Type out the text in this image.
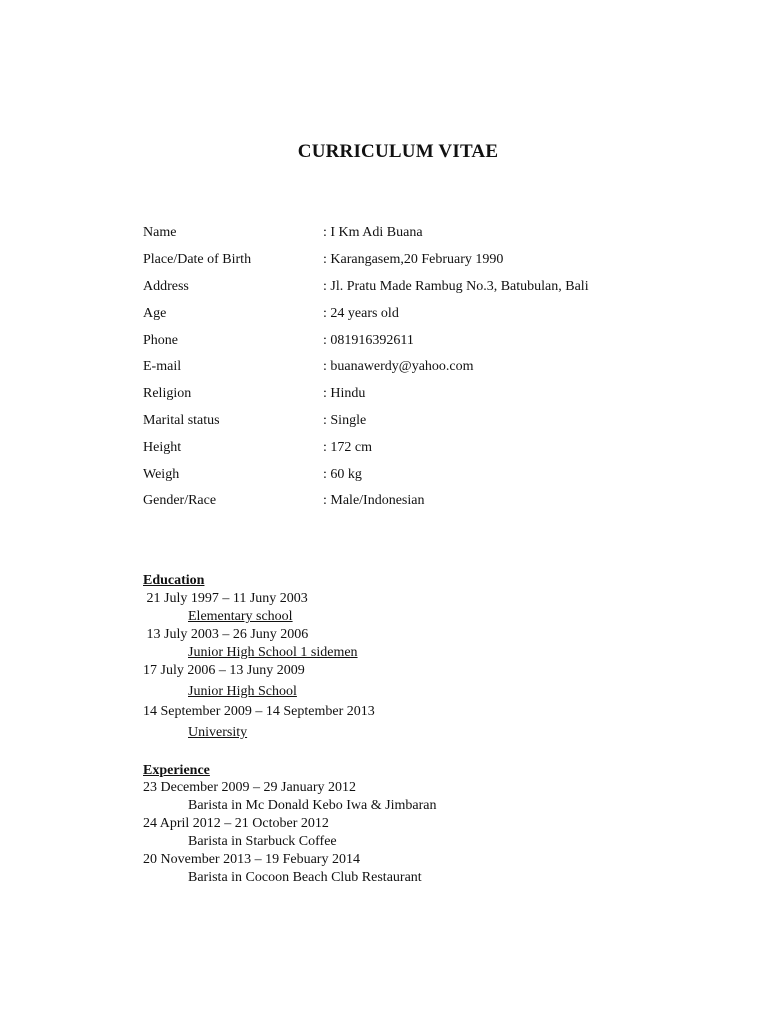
CURRICULUM VITAE
Name	: I Km Adi Buana
Place/Date of Birth	: Karangasem,20 February 1990
Address	: Jl. Pratu Made Rambug No.3, Batubulan, Bali
Age	: 24 years old
Phone	: 081916392611
E-mail	: buanawerdy@yahoo.com
Religion	: Hindu
Marital status	: Single
Height	: 172 cm
Weigh	: 60 kg
Gender/Race	: Male/Indonesian
Education
21 July 1997 – 11 Juny 2003
Elementary school
13 July 2003 – 26 Juny 2006
Junior High School 1 sidemen
17 July 2006 – 13 Juny 2009
Junior High School
14 September 2009 – 14 September 2013
University
Experience
23 December 2009 – 29 January 2012
Barista in Mc Donald Kebo Iwa & Jimbaran
24 April 2012 – 21 October 2012
Barista in Starbuck Coffee
20 November 2013 – 19 Febuary 2014
Barista in Cocoon Beach Club Restaurant
